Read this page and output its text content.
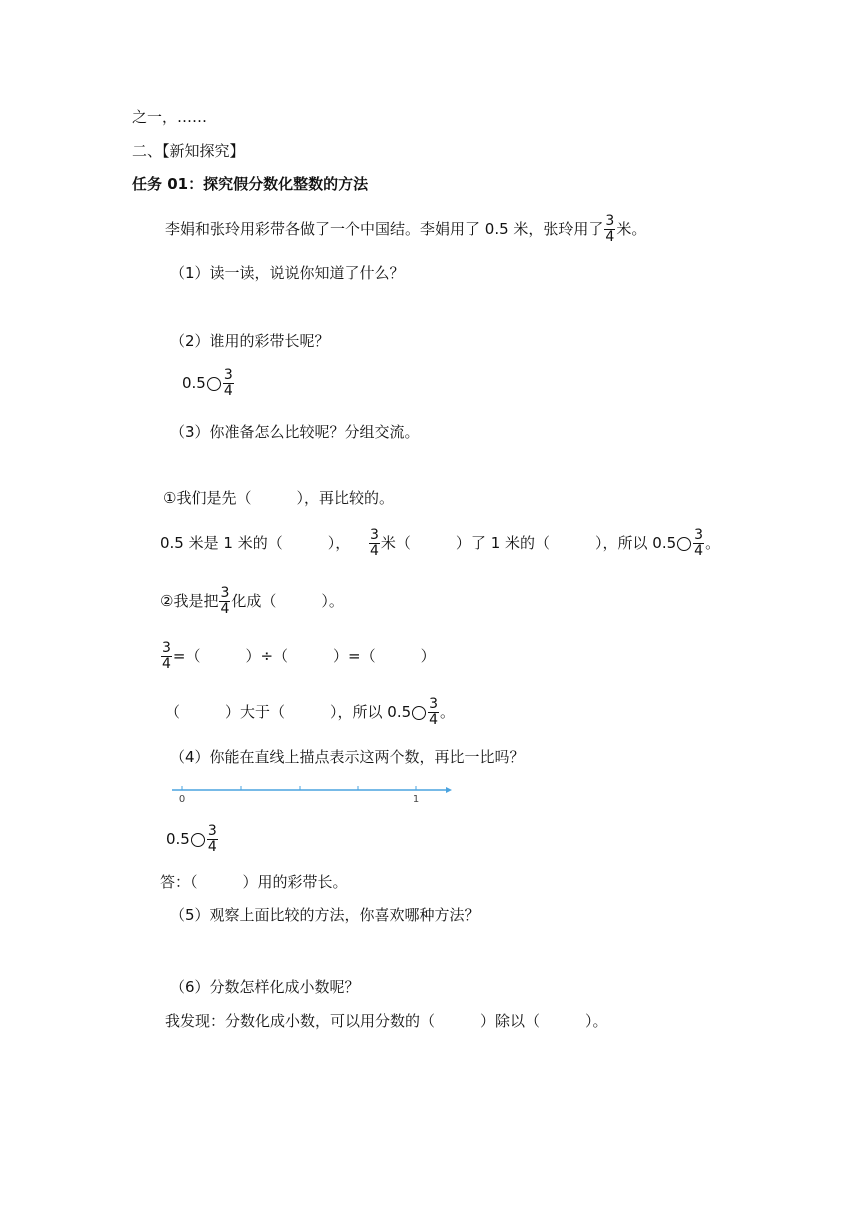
之一，……
二、【新知探究】
任务 01：探究假分数化整数的方法
李娟和张玲用彩带各做了一个中国结。李娟用了 0.5 米，张玲用了 $\frac{3}{4}$ 米。
（1）读一读，说说你知道了什么？
（2）谁用的彩带长呢？
$0.5 \frac{3}{4}$
（3）你准备怎么比较呢？分组交流。
①我们是先（　　　），再比较的。
0.5 米是 1 米的（　　　）， $\frac{3}{4}$ 米（　　　）了 1 米的（　　　），所以 $0.5 \frac{3}{4}$ 。
②我是把 $\frac{3}{4}$ 化成（　　　）。
$\frac{3}{4}$ =（　　　）÷（　　　）=（　　　）
（　　　）大于（　　　），所以 $0.5 \frac{3}{4}$ 。
（4）你能在直线上描点表示这两个数，再比一比吗？
0	1
$0.5 \frac{3}{4}$
答：（　　　）用的彩带长。
（5）观察上面比较的方法，你喜欢哪种方法？
（6）分数怎样化成小数呢？
我发现：分数化成小数，可以用分数的（　　　）除以（　　　）。
